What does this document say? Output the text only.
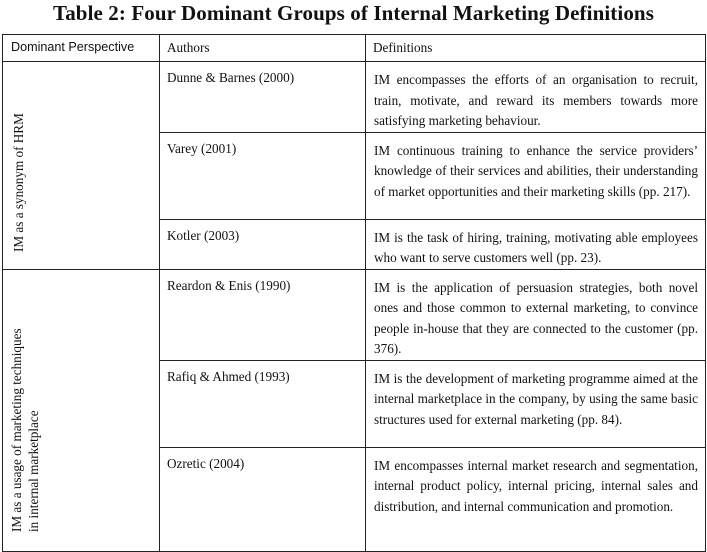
Table 2: Four Dominant Groups of Internal Marketing Definitions
Dominant Perspective	Authors	Definitions

IM as a synonym of HRM	Dunne & Barnes (2000)	IM encompasses the efforts of an organisation to recruit, train, motivate, and reward its members towards more satisfying marketing behaviour.
	Varey (2001)	IM continuous training to enhance the service providers’ knowledge of their services and abilities, their understanding of market opportunities and their marketing skills (pp. 217).
	Kotler (2003)	IM is the task of hiring, training, motivating able employees who want to serve customers well (pp. 23).

IM as a usage of marketing techniques in internal marketplace	Reardon & Enis (1990)	IM is the application of persuasion strategies, both novel ones and those common to external marketing, to convince people in-house that they are connected to the customer (pp. 376).
	Rafiq & Ahmed (1993)	IM is the development of marketing programme aimed at the internal marketplace in the company, by using the same basic structures used for external marketing (pp. 84).
	Ozretic (2004)	IM encompasses internal market research and segmentation, internal product policy, internal pricing, internal sales and distribution, and internal communication and promotion.
